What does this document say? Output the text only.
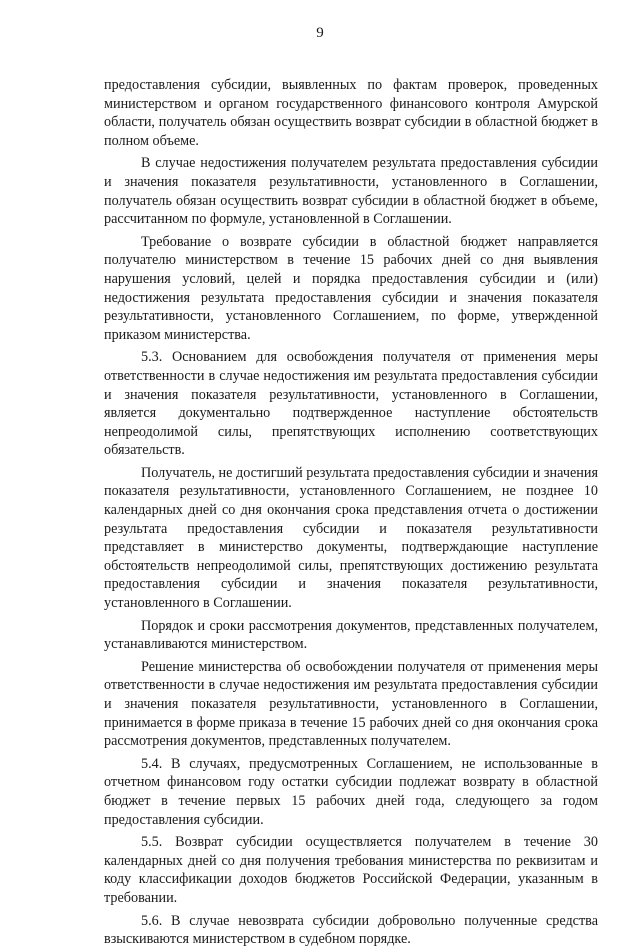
9

предоставления субсидии, выявленных по фактам проверок, проведенных министерством и органом государственного финансового контроля Амурской области, получатель обязан осуществить возврат субсидии в областной бюджет в полном объеме.

В случае недостижения получателем результата предоставления субсидии и значения показателя результативности, установленного в Соглашении, получатель обязан осуществить возврат субсидии в областной бюджет в объеме, рассчитанном по формуле, установленной в Соглашении.

Требование о возврате субсидии в областной бюджет направляется получателю министерством в течение 15 рабочих дней со дня выявления нарушения условий, целей и порядка предоставления субсидии и (или) недостижения результата предоставления субсидии и значения показателя результативности, установленного Соглашением, по форме, утвержденной приказом министерства.

5.3. Основанием для освобождения получателя от применения меры ответственности в случае недостижения им результата предоставления субсидии и значения показателя результативности, установленного в Соглашении, является документально подтвержденное наступление обстоятельств непреодолимой силы, препятствующих исполнению соответствующих обязательств.

Получатель, не достигший результата предоставления субсидии и значения показателя результативности, установленного Соглашением, не позднее 10 календарных дней со дня окончания срока представления отчета о достижении результата предоставления субсидии и показателя результативности представляет в министерство документы, подтверждающие наступление обстоятельств непреодолимой силы, препятствующих достижению результата предоставления субсидии и значения показателя результативности, установленного в Соглашении.

Порядок и сроки рассмотрения документов, представленных получателем, устанавливаются министерством.

Решение министерства об освобождении получателя от применения меры ответственности в случае недостижения им результата предоставления субсидии и значения показателя результативности, установленного в Соглашении, принимается в форме приказа в течение 15 рабочих дней со дня окончания срока рассмотрения документов, представленных получателем.

5.4. В случаях, предусмотренных Соглашением, не использованные в отчетном финансовом году остатки субсидии подлежат возврату в областной бюджет в течение первых 15 рабочих дней года, следующего за годом предоставления субсидии.

5.5. Возврат субсидии осуществляется получателем в течение 30 календарных дней со дня получения требования министерства по реквизитам и коду классификации доходов бюджетов Российской Федерации, указанным в требовании.

5.6. В случае невозврата субсидии добровольно полученные средства взыскиваются министерством в судебном порядке.
